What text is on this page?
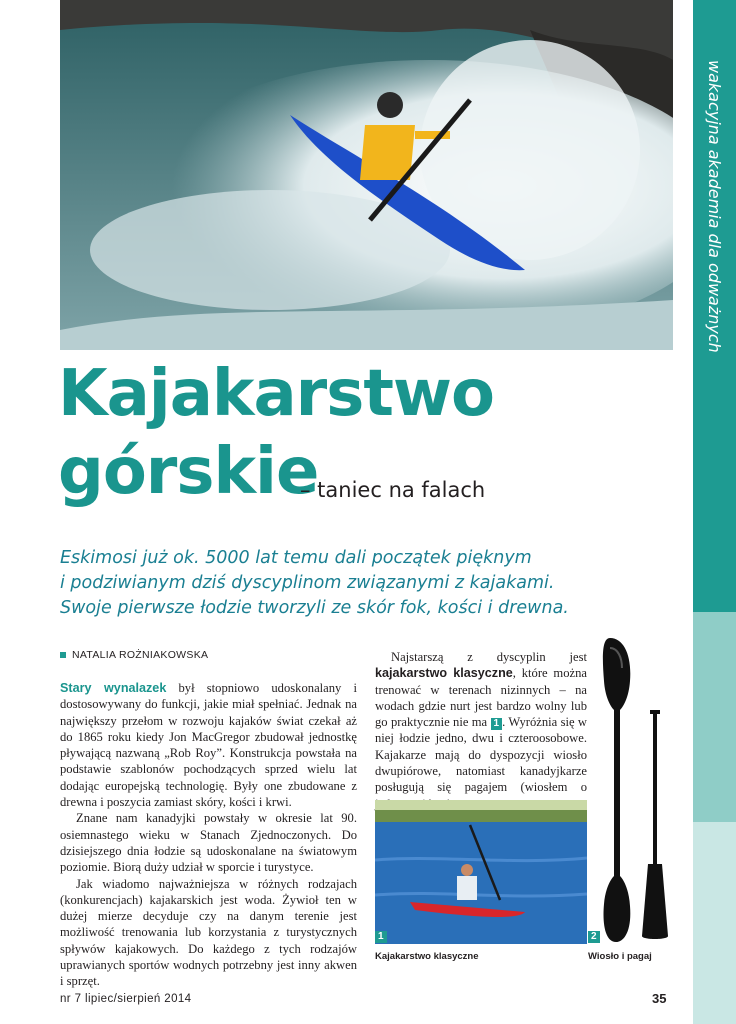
wakacyjna akademia dla odważnych
Kajakarstwo
górskie
– taniec na falach

Eskimosi już ok. 5000 lat temu dali początek pięknym
i podziwianym dziś dyscyplinom związanymi z kajakami.
Swoje pierwsze łodzie tworzyli ze skór fok, kości i drewna.

NATALIA ROŻNIAKOWSKA

Stary wynalazek był stopniowo udoskonalany i dostosowywany do funkcji, jakie miał spełniać. Jednak na największy przełom w rozwoju kajaków świat czekał aż do 1865 roku kiedy Jon MacGregor zbudował jednostkę pływającą nazwaną „Rob Roy”. Konstrukcja powstała na podstawie szablonów pochodzących sprzed wielu lat dodając europejską technologię. Były one zbudowane z drewna i poszycia zamiast skóry, kości i krwi.

Znane nam kanadyjki powstały w okresie lat 90. osiemnastego wieku w Stanach Zjednoczonych. Do dzisiejszego dnia łodzie są udoskonalane na światowym poziomie. Biorą duży udział w sporcie i turystyce.

Jak wiadomo najważniejsza w różnych rodzajach (konkurencjach) kajakarskich jest woda. Żywioł ten w dużej mierze decyduje czy na danym terenie jest możliwość trenowania lub korzystania z turystycznych spływów kajakowych. Do każdego z tych rodzajów uprawianych sportów wodnych potrzebny jest inny akwen i sprzęt.

Najstarszą z dyscyplin jest kajakarstwo klasyczne, które można trenować w terenach nizinnych – na wodach gdzie nurt jest bardzo wolny lub go praktycznie nie ma 1 . Wyróżnia się w niej łodzie jedno, dwu i czteroosobowe. Kajakarze mają do dyspozycji wiosło dwupiórowe, natomiast kanadyjkarze posługują się pagajem (wiosłem o

1
Kajakarstwo klasyczne
2
Wiosło i pagaj
nr 7 lipiec/sierpień 2014	35
